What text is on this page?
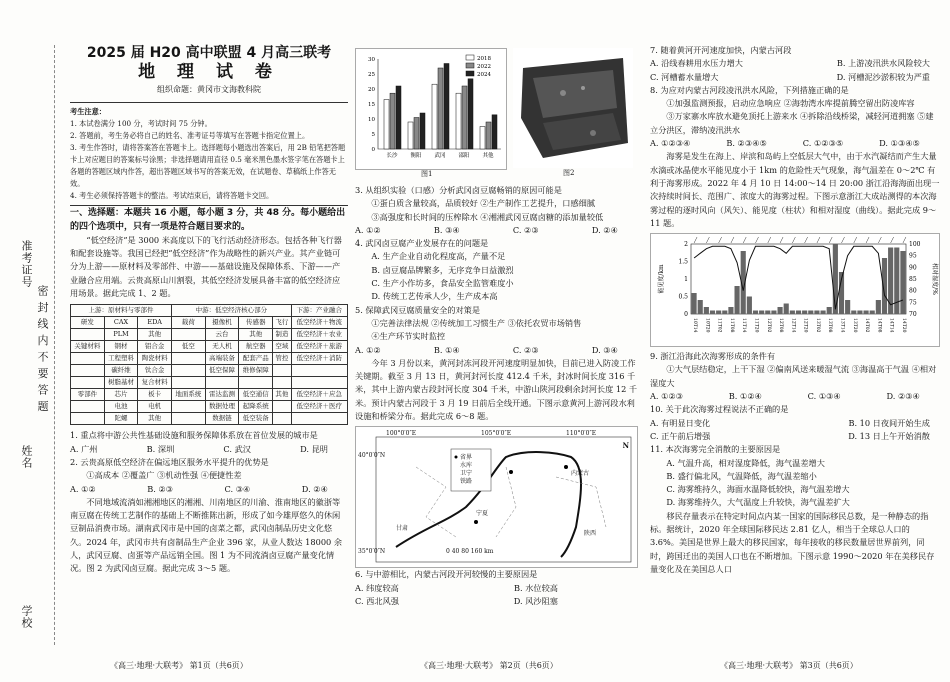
准考证号
密 封 线 内 不 要 答 题
姓名
学校
2025 届 H20 高中联盟 4 月高三联考
地 理 试 卷
组织命题：黄冈市文海教科院

考生注意：

1. 本试卷满分 100 分，考试时间 75 分钟。

2. 答题前，考生务必将自己的姓名、准考证号等填写在答题卡指定位置上。

3. 考生作答时，请将答案答在答题卡上。选择题每小题选出答案后，用 2B 铅笔把答题卡上对应题目的答案标号涂黑；非选择题请用直径 0.5 毫米黑色墨水签字笔在答题卡上各题的答题区域内作答，超出答题区域书写的答案无效，在试题卷、草稿纸上作答无效。

4. 考生必须保持答题卡的整洁。考试结束后，请将答题卡交回。

一、选择题：本题共 16 小题，每小题 3 分，共 48 分。每小题给出的四个选项中，只有一项是符合题目要求的。

“低空经济”是 3000 米高度以下的飞行活动经济形态。包括各种飞行器和配套设施等。我国已经把“低空经济”作为战略性的新兴产业。其产业链可分为上游——原材料及零部件、中游——基础设施及保障体系、下游——产业融合应用端。云贵高原山川割裂，其低空经济发展具备丰富的低空经济应用场景。据此完成 1、2 题。

上游：原材料与零部件			中游：低空经济核心部分				下游：产业融合
研发	CAX	EDA	载荷	摄像机	传感器	飞行	低空经济＋物流
	PLM	其他		云台	其他	制造	低空经济＋农业
关键材料	钢材	铝合金	低空	无人机	航空器	空域	低空经济＋旅游
	工程塑料	陶瓷材料		高端装备	配套产品	管控	低空经济＋消防
	碳纤维	钛合金		低空保障	维修保障		
	树脂基材	复合材料					
零部件	芯片	板卡	地面系统	雷达监测	低空通信	其他	低空经济＋应急
	电池	电机		数据处理	起降系统		低空经济＋医疗
	陀螺	其他		数据链	低空装备		

1. 重点将中游公共性基础设施和服务保障体系放在首位发展的城市是

A. 广州	B. 深圳	C. 武汉	D. 昆明

2. 云贵高原低空经济在偏远地区服务水平提升的优势是

①高成本 ②覆盖广 ③机动性强 ④便捷性差

A. ①②	B. ②③	C. ③④	D. ②④

不同地域流淌如湘湘地区的湘湘、川南地区的川渝、淮南地区的徽浙等南豆腐在传统工艺制作的基础上不断推陈出新，形成了如今雄厚悠久的休闲豆制品消费市场。湖南武冈市是中国的卤菜之都，武冈卤制品历史文化悠久。2024 年，武冈市共有卤制品生产企业 396 家，从业人数达 18000 余人，武冈豆腐、卤蛋等产品远销全国。图 1 为不同流淌卤豆腐产量变化情况。图 2 为武冈卤豆腐。据此完成 3～5 题。

《高三·地理·大联考》 第1页（共6页）
30
25
20
15
10
5
0
长沙 衡阳 武冈 邵阳 其他
2018
2022
2024
图1	图2

3. 从组织实验（口感）分析武冈卤豆腐畅销的原因可能是

①蛋白质含量较高，品质较好 ②生产制作工艺提升，口感细腻

③高强度和长时间的压榨除水 ④湘湘武冈豆腐卤糖的添加量较低

A. ①②	B. ③④	C. ②③	D. ②④

4. 武冈卤豆腐产业发展存在的问题是

A. 生产企业自动化程度高，产量不足

B. 卤豆腐品牌繁多，无序竞争日益激烈

C. 生产小作坊多，食品安全监管难度小

D. 传统工艺传承人少，生产成本高

5. 保障武冈豆腐质量安全的对策是

①完善法律法规 ②传统加工习惯生产 ③依托农贸市场销售

④生产环节实时监控

A. ①②	B. ①④	C. ②③	D. ③④

今年 3 月份以来，黄河封冻河段开河速度明显加快，目前已进入防凌工作关键期。截至 3 月 13 日，黄河封河长度 412.4 千米，封冰时间长度 316 千米，其中上游内蒙古段封河长度 304 千米，中游山陕河段剩余封河长度 12 千米。预计内蒙古河段于 3 月 19 日前后全线开通。下图示意黄河上游河段水利设施和桥梁分布。据此完成 6～8 题。

100°0′0″E	105°0′0″E	110°0′0″E
40°0′0″N
35°0′0″N
省界
水库
卫宁
铁路
内蒙古
宁夏
陕西
甘肃
0 40 80 160 km
N

6. 与中游相比，内蒙古河段开河较慢的主要原因是

A. 纬度较高	B. 水位较高
C. 西北风强	D. 风沙阻塞
《高三·地理·大联考》 第2页（共6页）

7. 随着黄河开河速度加快，内蒙古河段

A. 沿线春耕用水压力增大	B. 上游凌汛洪水风险较大
C. 河槽蓄水量增大	D. 河槽泥沙淤积较为严重

8. 为应对内蒙古河段凌汛洪水风险，下列措施正确的是

①加强监测预报，启动应急响应 ②海勃湾水库提前腾空留出防凌库容

③万家寨水库放水避免顶托上游来水 ④拆除沿线桥梁，减轻河道拥塞 ⑤建立分洪区，滞纳凌汛洪水

A. ①②③④	B. ②③④⑤	C. ①②③⑤	D. ①③④⑤

海雾是发生在海上、岸滨和岛屿上空低层大气中，由于水汽凝结而产生大量水滴或冰晶使水平能见度小于 1km 的危险性天气现象，海气温差在 0～2℃ 有利于海雾形成。2022 年 4 月 10 日 14:00～14 日 20:00 浙江沿海海面出现一次持续时间长、范围广、浓度大的海雾过程。下图示意浙江大成站测得的本次海雾过程的逐时风向（风矢）、能见度（柱状）和相对湿度（曲线）。据此完成 9～11 题。

2
1.5
1
0.5
0
100
95
90
85
80
75
70
10T14 10T20 11T02 11T08 11T14 11T20 12T02 12T08 12T14 12T20 13T02 13T08 13T14 13T20 14T02 14T08 14T14 14T20
能见度/km	相对湿度/%

9. 浙江沿海此次海雾形成的条件有

①大气层结稳定，上干下湿 ②偏南风送来暖湿气流 ③海温高于气温 ④相对湿度大

A. ①②③	B. ①②④	C. ①③④	D. ②③④

10. 关于此次海雾过程说法不正确的是

A. 有明显日变化	B. 10 日夜间开始生成
C. 正午前后增强	D. 13 日上午开始消散

11. 本次海雾完全消散的主要原因是

A. 气温升高，相对湿度降低，海气温差增大

B. 盛行偏北风，气温降低，海气温差缩小

C. 海雾维持久，海面水温降低较快，海气温差增大

D. 海雾维持久，大气温度上升较快，海气温差扩大

移民存量表示在特定时间点内某一国家的国际移民总数，是一种静态的指标。据统计，2020 年全球国际移民达 2.81 亿人，相当于全球总人口的 3.6%。美国是世界上最大的移民国家，每年接收的移民数量居世界前列，同时，跨国迁出的美国人口也在不断增加。下图示意 1990～2020 年在美移民存量变化及在美国总人口

《高三·地理·大联考》 第3页（共6页）
